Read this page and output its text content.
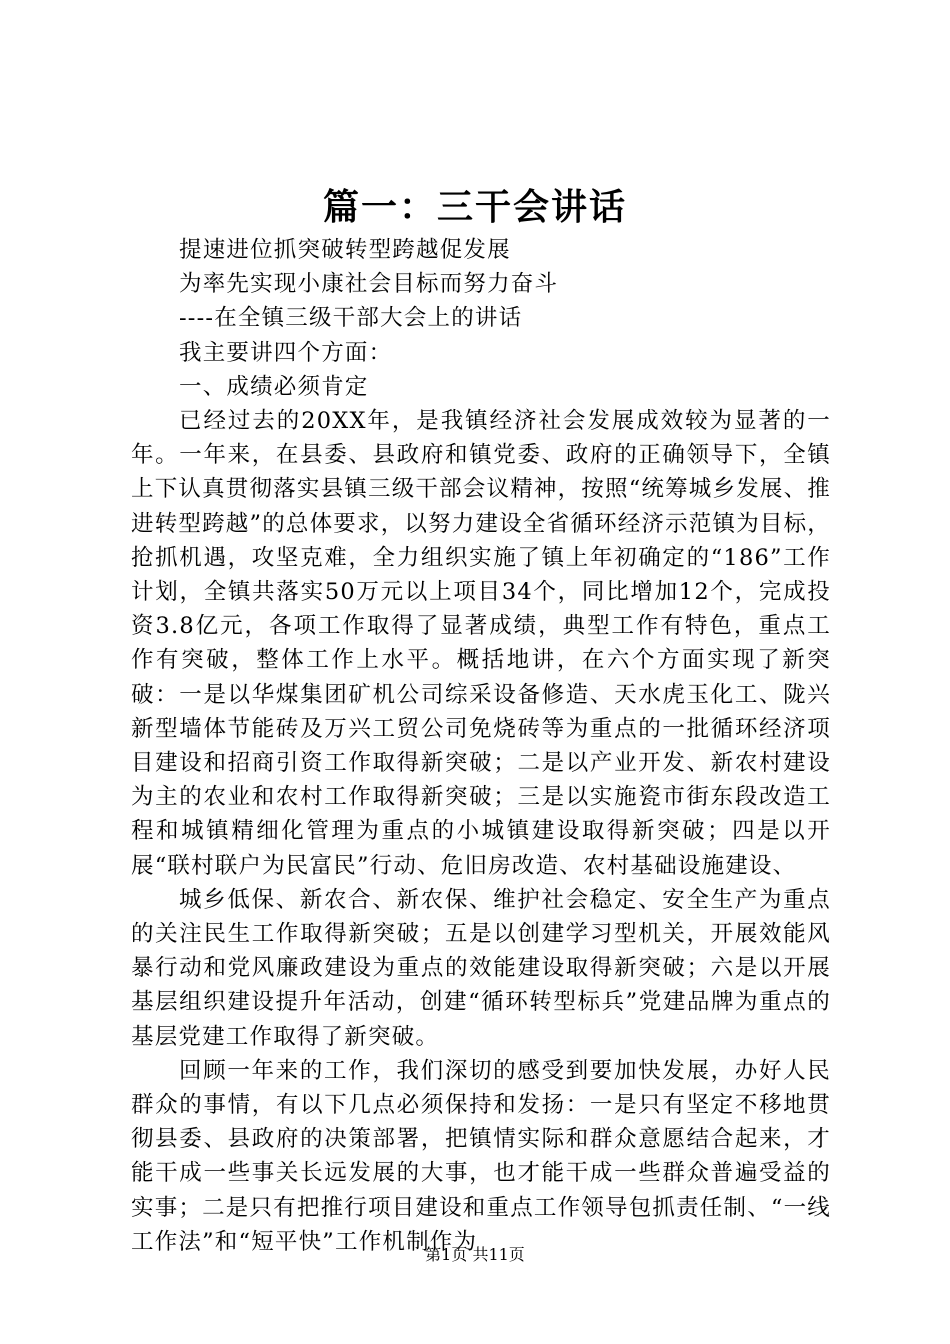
篇一：三干会讲话

提速进位抓突破转型跨越促发展

为率先实现小康社会目标而努力奋斗

----在全镇三级干部大会上的讲话

我主要讲四个方面：

一、成绩必须肯定

已经过去的20XX年，是我镇经济社会发展成效较为显著的一年。一年来，在县委、县政府和镇党委、政府的正确领导下，全镇上下认真贯彻落实县镇三级干部会议精神，按照“统筹城乡发展、推进转型跨越”的总体要求，以努力建设全省循环经济示范镇为目标，抢抓机遇，攻坚克难，全力组织实施了镇上年初确定的“186”工作计划，全镇共落实50万元以上项目34个，同比增加12个，完成投资3.8亿元，各项工作取得了显著成绩，典型工作有特色，重点工作有突破，整体工作上水平。概括地讲，在六个方面实现了新突破：一是以华煤集团矿机公司综采设备修造、天水虎玉化工、陇兴新型墙体节能砖及万兴工贸公司免烧砖等为重点的一批循环经济项目建设和招商引资工作取得新突破；二是以产业开发、新农村建设为主的农业和农村工作取得新突破；三是以实施瓷市街东段改造工程和城镇精细化管理为重点的小城镇建设取得新突破；四是以开展“联村联户为民富民”行动、危旧房改造、农村基础设施建设、

城乡低保、新农合、新农保、维护社会稳定、安全生产为重点的关注民生工作取得新突破；五是以创建学习型机关，开展效能风暴行动和党风廉政建设为重点的效能建设取得新突破；六是以开展基层组织建设提升年活动，创建“循环转型标兵”党建品牌为重点的基层党建工作取得了新突破。

回顾一年来的工作，我们深切的感受到要加快发展，办好人民群众的事情，有以下几点必须保持和发扬：一是只有坚定不移地贯彻县委、县政府的决策部署，把镇情实际和群众意愿结合起来，才能干成一些事关长远发展的大事，也才能干成一些群众普遍受益的实事；二是只有把推行项目建设和重点工作领导包抓责任制、“一线工作法”和“短平快”工作机制作为

第1页 共11页
